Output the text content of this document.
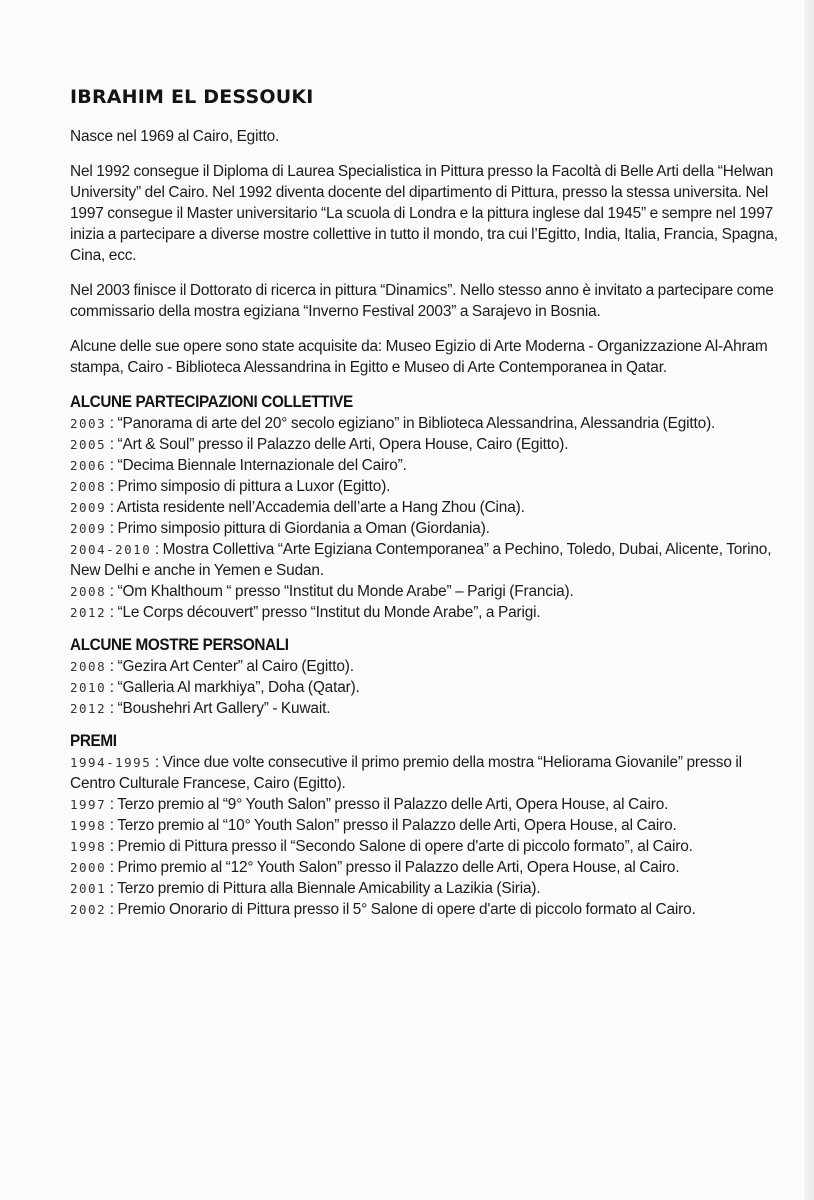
IBRAHIM EL DESSOUKI

Nasce nel 1969 al Cairo, Egitto.

Nel 1992 consegue il Diploma di Laurea Specialistica in Pittura presso la Facoltà di Belle Arti della “Helwan University” del Cairo. Nel 1992 diventa docente del dipartimento di Pittura, presso la stessa universita. Nel 1997 consegue il Master universitario “La scuola di Londra e la pittura inglese dal 1945” e sempre nel 1997 inizia a partecipare a diverse mostre collettive in tutto il mondo, tra cui l’Egitto, India, Italia, Francia, Spagna, Cina, ecc.

Nel 2003 finisce il Dottorato di ricerca in pittura “Dinamics”. Nello stesso anno è invitato a partecipare come commissario della mostra egiziana “Inverno Festival 2003” a Sarajevo in Bosnia.

Alcune delle sue opere sono state acquisite da: Museo Egizio di Arte Moderna - Organizzazione Al-Ahram stampa, Cairo - Biblioteca Alessandrina in Egitto e Museo di Arte Contemporanea in Qatar.

ALCUNE PARTECIPAZIONI COLLETTIVE
2003 : “Panorama di arte del 20° secolo egiziano” in Biblioteca Alessandrina, Alessandria (Egitto).
2005 : “Art & Soul” presso il Palazzo delle Arti, Opera House, Cairo (Egitto).
2006 : “Decima Biennale Internazionale del Cairo”.
2008 : Primo simposio di pittura a Luxor (Egitto).
2009 : Artista residente nell’Accademia dell’arte a Hang Zhou (Cina).
2009 : Primo simposio pittura di Giordania a Oman (Giordania).
2004-2010 : Mostra Collettiva “Arte Egiziana Contemporanea” a Pechino, Toledo, Dubai, Alicente, Torino, New Delhi e anche in Yemen e Sudan.
2008 : “Om Khalthoum “ presso “Institut du Monde Arabe” – Parigi (Francia).
2012 : “Le Corps découvert” presso “Institut du Monde Arabe”, a Parigi.
ALCUNE MOSTRE PERSONALI
2008 : “Gezira Art Center” al Cairo (Egitto).
2010 : “Galleria Al markhiya”, Doha (Qatar).
2012 : “Boushehri Art Gallery” - Kuwait.
PREMI
1994-1995 : Vince due volte consecutive il primo premio della mostra “Heliorama Giovanile” presso il Centro Culturale Francese, Cairo (Egitto).
1997 : Terzo premio al “9° Youth Salon” presso il Palazzo delle Arti, Opera House, al Cairo.
1998 : Terzo premio al “10° Youth Salon” presso il Palazzo delle Arti, Opera House, al Cairo.
1998 : Premio di Pittura presso il “Secondo Salone di opere d'arte di piccolo formato”, al Cairo.
2000 : Primo premio al “12° Youth Salon” presso il Palazzo delle Arti, Opera House, al Cairo.
2001 : Terzo premio di Pittura alla Biennale Amicability a Lazikia (Siria).
2002 : Premio Onorario di Pittura presso il 5° Salone di opere d'arte di piccolo formato al Cairo.
